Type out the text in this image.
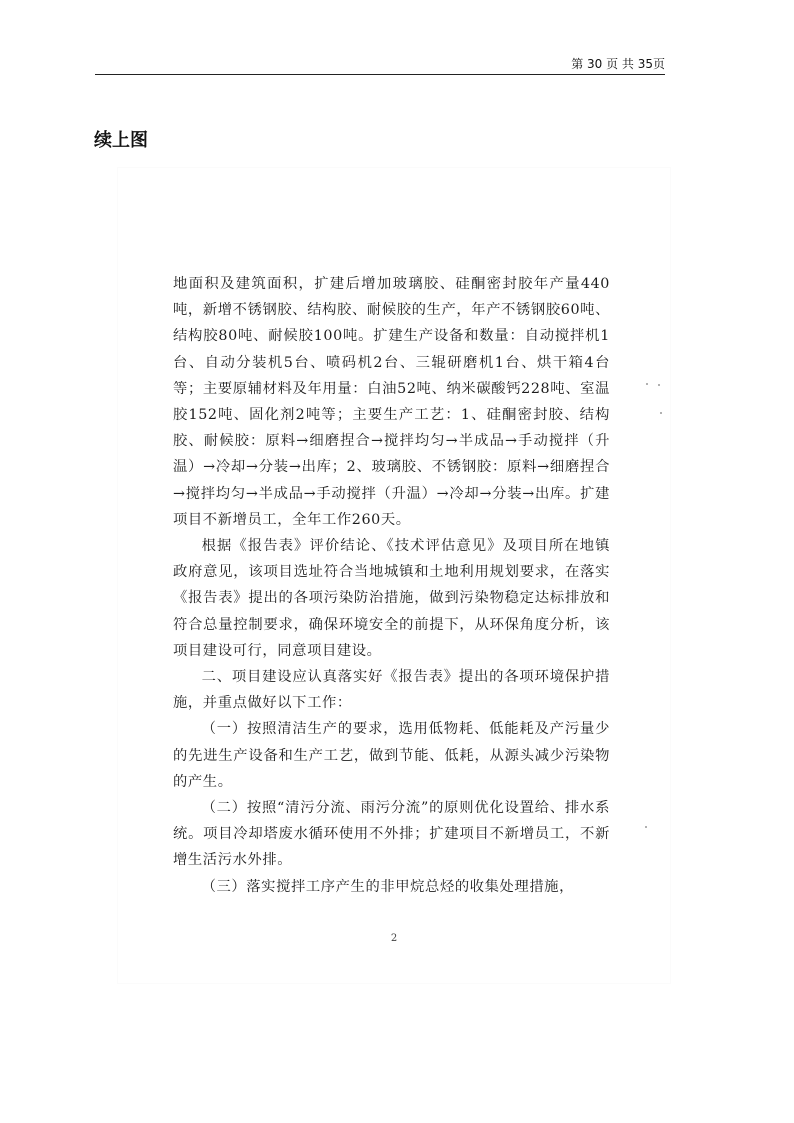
第 30 页 共 35页
续上图

地面积及建筑面积，扩建后增加玻璃胶、硅酮密封胶年产量440 吨，新增不锈钢胶、结构胶、耐候胶的生产，年产不锈钢胶60吨、结构胶80吨、耐候胶100吨。扩建生产设备和数量：自动搅拌机1台、自动分装机5台、喷码机2台、三辊研磨机1台、烘干箱4台等；主要原辅材料及年用量：白油52吨、纳米碳酸钙228吨、室温胶152吨、固化剂2吨等；主要生产工艺：1、硅酮密封胶、结构胶、耐候胶：原料→细磨捏合→搅拌均匀→半成品→手动搅拌（升温）→冷却→分装→出库；2、玻璃胶、不锈钢胶：原料→细磨捏合→搅拌均匀→半成品→手动搅拌（升温）→冷却→分装→出库。扩建项目不新增员工，全年工作260天。

根据《报告表》评价结论、《技术评估意见》及项目所在地镇政府意见，该项目选址符合当地城镇和土地利用规划要求，在落实《报告表》提出的各项污染防治措施，做到污染物稳定达标排放和符合总量控制要求，确保环境安全的前提下，从环保角度分析，该项目建设可行，同意项目建设。

二、项目建设应认真落实好《报告表》提出的各项环境保护措施，并重点做好以下工作：

（一）按照清洁生产的要求，选用低物耗、低能耗及产污量少的先进生产设备和生产工艺，做到节能、低耗，从源头减少污染物的产生。

（二）按照“清污分流、雨污分流”的原则优化设置给、排水系统。项目冷却塔废水循环使用不外排；扩建项目不新增员工，不新增生活污水外排。

（三）落实搅拌工序产生的非甲烷总烃的收集处理措施，

2
